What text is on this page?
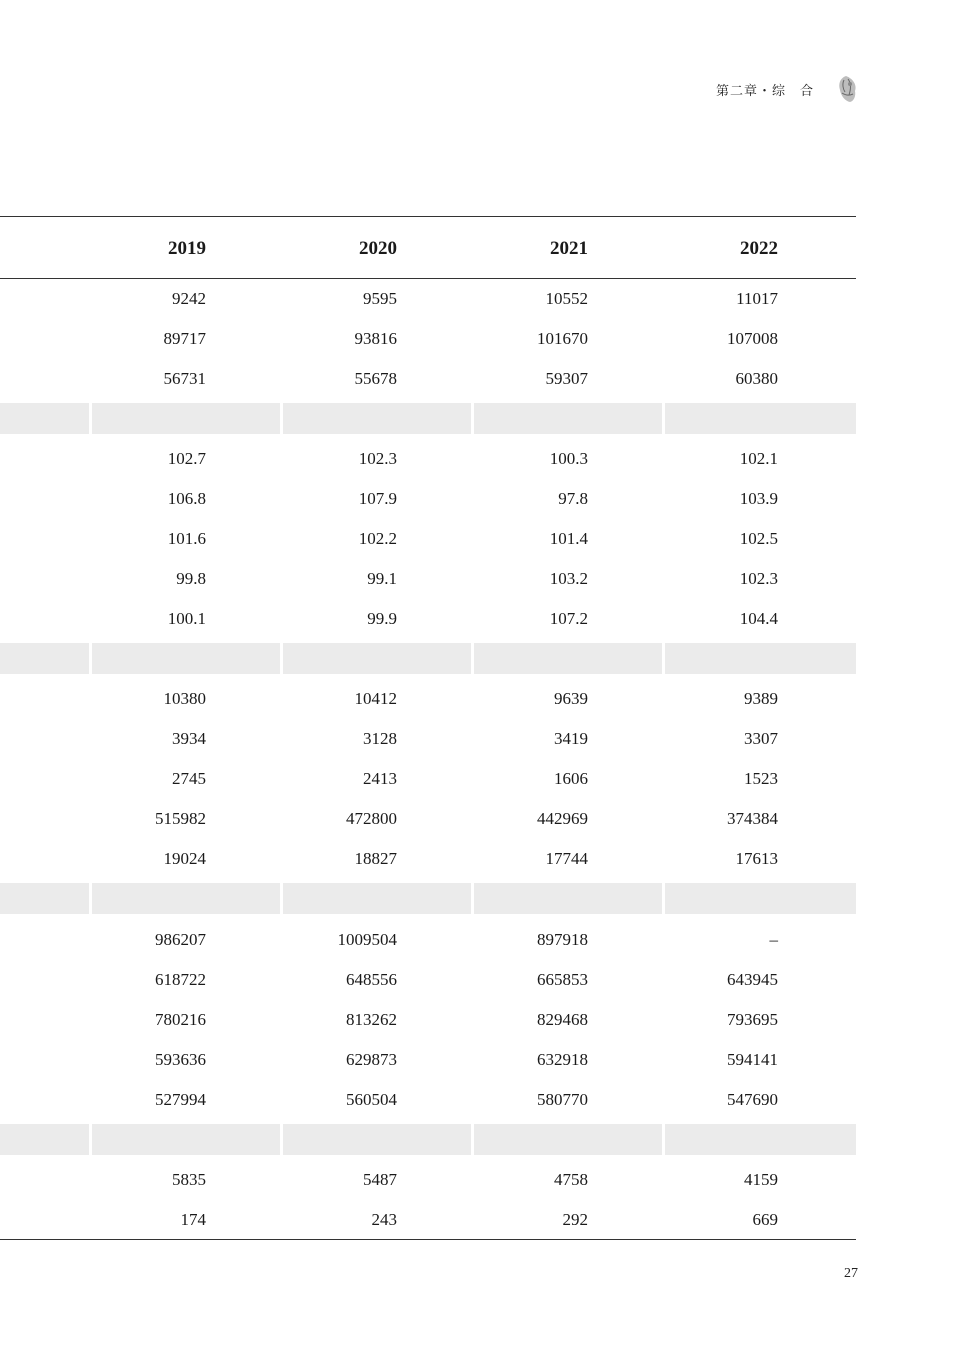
第二章・综　合
2019	2020	2021	2022
9242	9595	10552	11017
89717	93816	101670	107008
56731	55678	59307	60380
102.7	102.3	100.3	102.1
106.8	107.9	97.8	103.9
101.6	102.2	101.4	102.5
99.8	99.1	103.2	102.3
100.1	99.9	107.2	104.4
10380	10412	9639	9389
3934	3128	3419	3307
2745	2413	1606	1523
515982	472800	442969	374384
19024	18827	17744	17613
986207	1009504	897918	–
618722	648556	665853	643945
780216	813262	829468	793695
593636	629873	632918	594141
527994	560504	580770	547690
5835	5487	4758	4159
174	243	292	669
27
